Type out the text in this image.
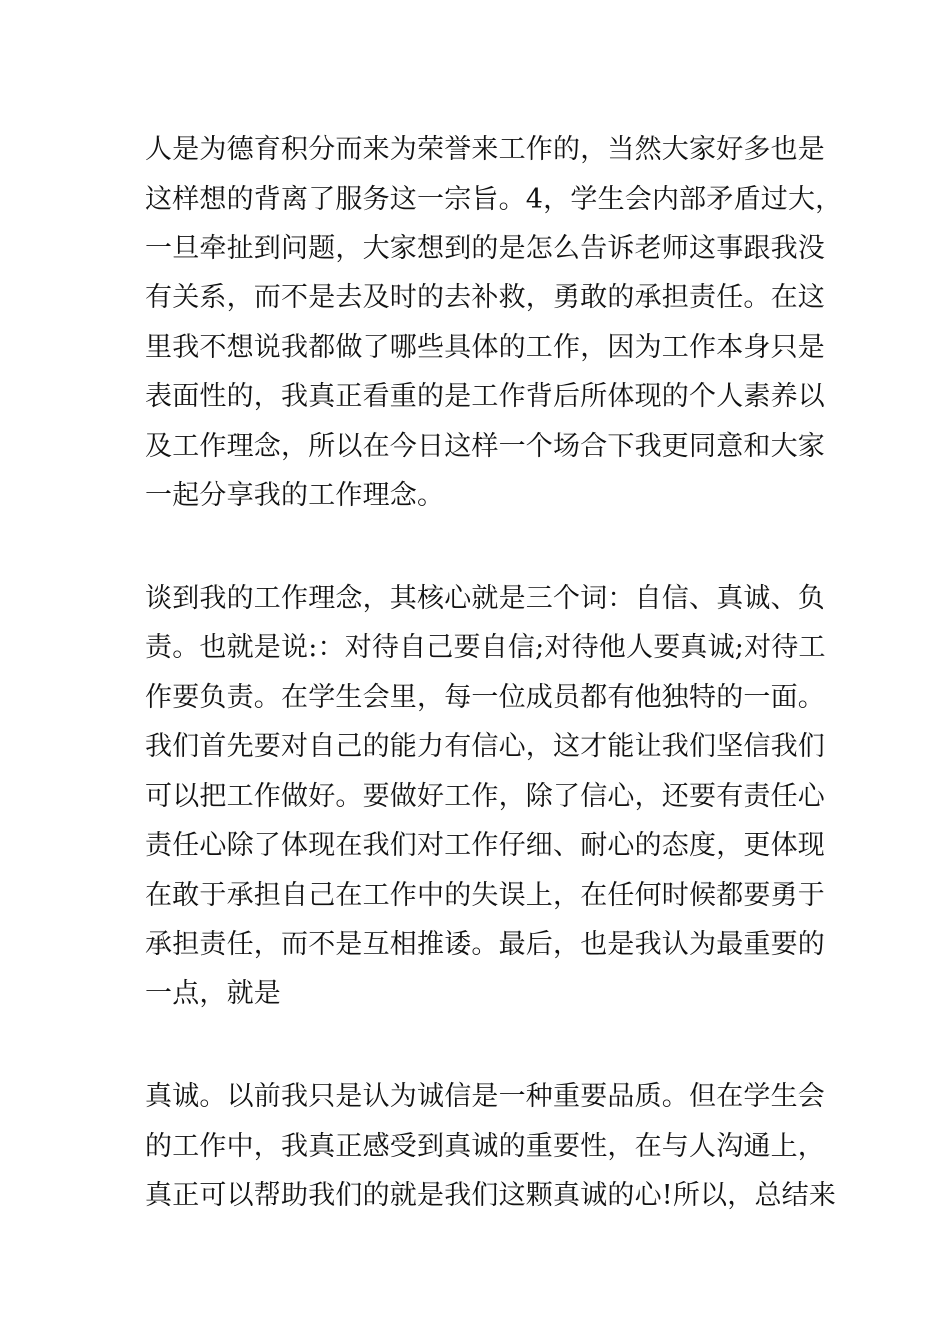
人是为德育积分而来为荣誉来工作的，当然大家好多也是
这样想的背离了服务这一宗旨。4，学生会内部矛盾过大，
一旦牵扯到问题，大家想到的是怎么告诉老师这事跟我没
有关系，而不是去及时的去补救，勇敢的承担责任。在这
里我不想说我都做了哪些具体的工作，因为工作本身只是
表面性的，我真正看重的是工作背后所体现的个人素养以
及工作理念，所以在今日这样一个场合下我更同意和大家
一起分享我的工作理念。
谈到我的工作理念，其核心就是三个词：自信、真诚、负
责。也就是说:：对待自己要自信;对待他人要真诚;对待工
作要负责。在学生会里，每一位成员都有他独特的一面。
我们首先要对自己的能力有信心，这才能让我们坚信我们
可以把工作做好。要做好工作，除了信心，还要有责任心
责任心除了体现在我们对工作仔细、耐心的态度，更体现
在敢于承担自己在工作中的失误上，在任何时候都要勇于
承担责任，而不是互相推诿。最后，也是我认为最重要的
一点，就是
真诚。以前我只是认为诚信是一种重要品质。但在学生会
的工作中，我真正感受到真诚的重要性，在与人沟通上，
真正可以帮助我们的就是我们这颗真诚的心!所以，总结来
